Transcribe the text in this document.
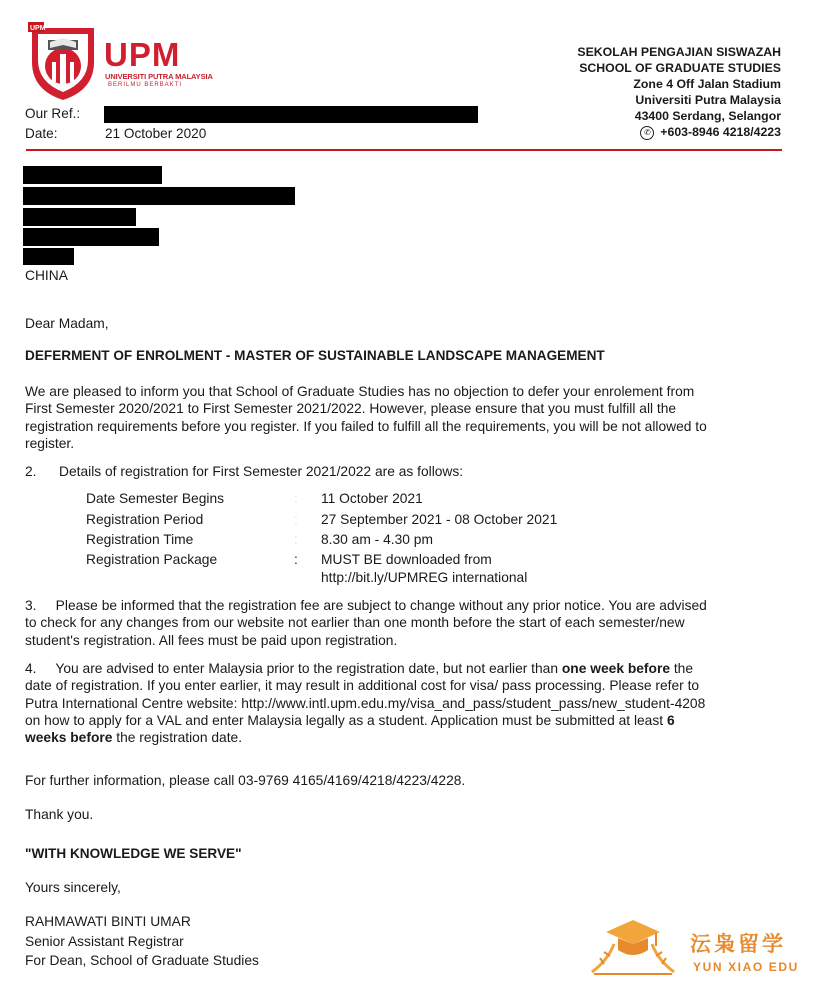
UPM
UPM
UNIVERSITI PUTRA MALAYSIA
BERILMU BERBAKTI
SEKOLAH PENGAJIAN SISWAZAH
SCHOOL OF GRADUATE STUDIES
Zone 4 Off Jalan Stadium
Universiti Putra Malaysia
43400 Serdang, Selangor
✆ +603-8946 4218/4223
Our Ref.:
Date:	21 October 2020
CHINA
Dear Madam,
DEFERMENT OF ENROLMENT - MASTER OF SUSTAINABLE LANDSCAPE MANAGEMENT
We are pleased to inform you that School of Graduate Studies has no objection to defer your enrolement from
First Semester 2020/2021 to First Semester 2021/2022. However, please ensure that you must fulfill all the
registration requirements before you register. If you failed to fulfill all the requirements, you will be not allowed to
register.
2. Details of registration for First Semester 2021/2022 are as follows:
Date Semester Begins	: 11 October 2021
Registration Period	: 27 September 2021 - 08 October 2021
Registration Time	: 8.30 am - 4.30 pm
Registration Package	: MUST BE downloaded from
http://bit.ly/UPMREG international
3.     Please be informed that the registration fee are subject to change without any prior notice. You are advised
to check for any changes from our website not earlier than one month before the start of each semester/new
student's registration. All fees must be paid upon registration.
4.     You are advised to enter Malaysia prior to the registration date, but not earlier than one week before the
date of registration. If you enter earlier, it may result in additional cost for visa/ pass processing. Please refer to
Putra International Centre website: http://www.intl.upm.edu.my/visa_and_pass/student_pass/new_student-4208
on how to apply for a VAL and enter Malaysia legally as a student. Application must be submitted at least 6
weeks before the registration date.
For further information, please call 03-9769 4165/4169/4218/4223/4228.
Thank you.
"WITH KNOWLEDGE WE SERVE"
Yours sincerely,
RAHMAWATI BINTI UMAR
Senior Assistant Registrar
For Dean, School of Graduate Studies
沄枭留学
YUN XIAO EDU
